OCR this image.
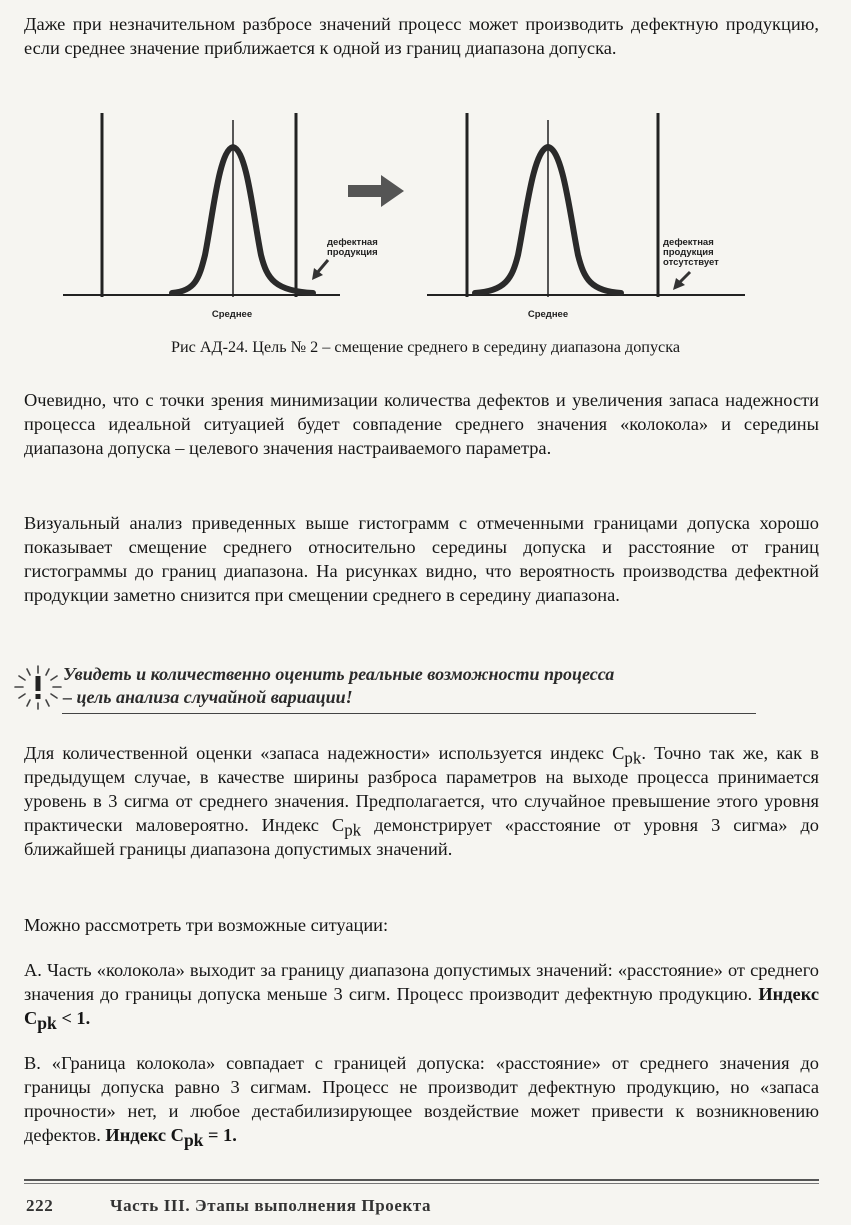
Даже при незначительном разбросе значений процесс может производить дефектную продукцию, если среднее значение приближается к одной из границ диапазона допуска.

дефектная
продукция
Среднее
дефектная
продукция
отсутствует
Среднее
Рис АД-24. Цель № 2 – смещение среднего в середину диапазона допуска

Очевидно, что с точки зрения минимизации количества дефектов и увеличения запаса надежности процесса идеальной ситуацией будет совпадение среднего значения «колокола» и середины диапазона допуска – целевого значения настраиваемого параметра.

Визуальный анализ приведенных выше гистограмм с отмеченными границами допуска хорошо показывает смещение среднего относительно середины допуска и расстояние от границ гистограммы до границ диапазона. На рисунках видно, что вероятность производства дефектной продукции заметно снизится при смещении среднего в середину диапазона.

Увидеть и количественно оценить реальные возможности процесса
– цель анализа случайной вариации!

Для количественной оценки «запаса надежности» используется индекс $C_{pk}$. Точно так же, как в предыдущем случае, в качестве ширины разброса параметров на выходе процесса принимается уровень в 3 сигма от среднего значения. Предполагается, что случайное превышение этого уровня практически маловероятно. Индекс $C_{pk}$ демонстрирует «расстояние от уровня 3 сигма» до ближайшей границы диапазона допустимых значений.

Можно рассмотреть три возможные ситуации:

А. Часть «колокола» выходит за границу диапазона допустимых значений: «расстояние» от среднего значения до границы допуска меньше 3 сигм. Процесс производит дефектную продукцию. Индекс $C_{pk} < 1$.

В. «Граница колокола» совпадает с границей допуска: «расстояние» от среднего значения до границы допуска равно 3 сигмам. Процесс не производит дефектную продукцию, но «запаса прочности» нет, и любое дестабилизирующее воздействие может привести к возникновению дефектов. Индекс $C_{pk} = 1$.

222	Часть III. Этапы выполнения Проекта
